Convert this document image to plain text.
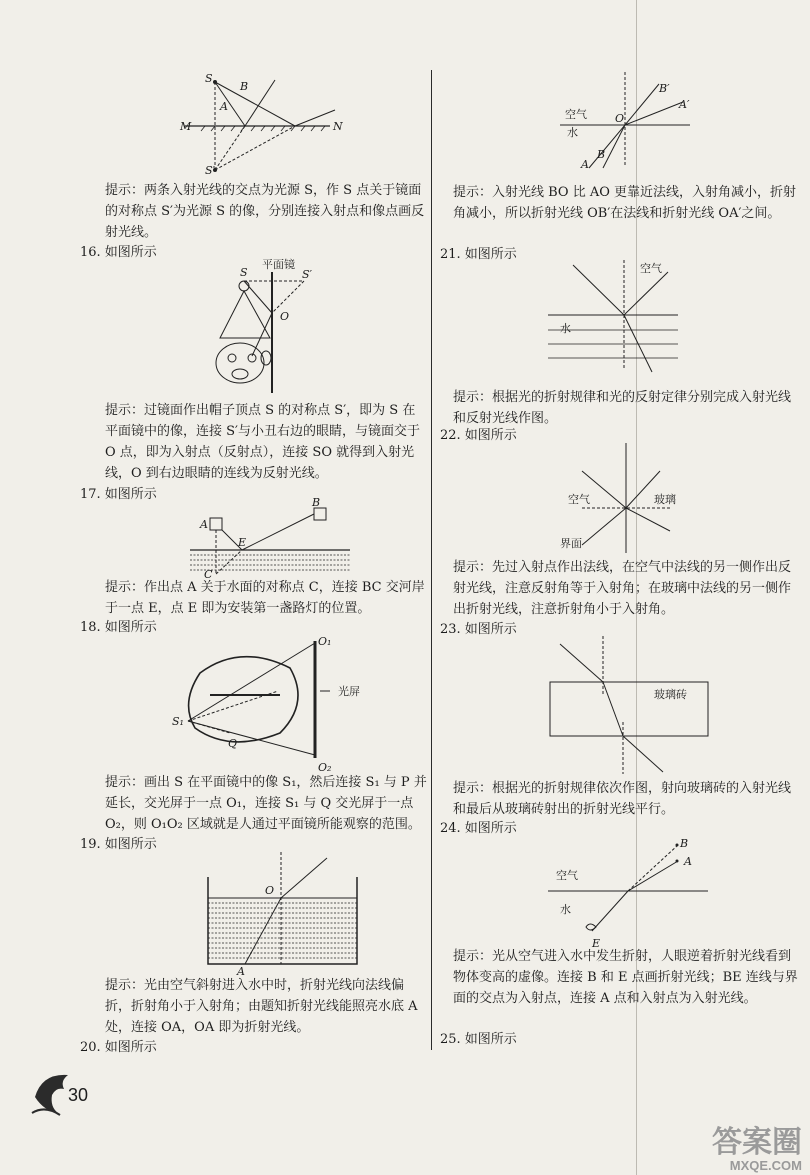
S
S′
B
A
M	N

提示：两条入射光线的交点为光源 S，作 S 点关于镜面的对称点 S′为光源 S 的像，分别连接入射点和像点画反射光线。

16. 如图所示
平面镜
S	S′
O

提示：过镜面作出帽子顶点 S 的对称点 S′，即为 S 在平面镜中的像，连接 S′与小丑右边的眼睛，与镜面交于 O 点，即为入射点（反射点），连接 SO 就得到入射光线，O 到右边眼睛的连线为反射光线。

17. 如图所示
A
B
E
C

提示：作出点 A 关于水面的对称点 C，连接 BC 交河岸于一点 E，点 E 即为安装第一盏路灯的位置。

18. 如图所示
光屏
O₁
O₂
S₁
Q

提示：画出 S 在平面镜中的像 S₁，然后连接 S₁ 与 P 并延长，交光屏于一点 O₁，连接 S₁ 与 Q 交光屏于一点 O₂，则 O₁O₂ 区域就是人通过平面镜所能观察的范围。

19. 如图所示
O
A

提示：光由空气斜射进入水中时，折射光线向法线偏折，折射角小于入射角；由题知折射光线能照亮水底 A 处，连接 OA，OA 即为折射光线。

20. 如图所示
30
空气
水
O
B′
A′
A
B

提示：入射光线 BO 比 AO 更靠近法线，入射角减小，折射角减小，所以折射光线 OB′在法线和折射光线 OA′之间。

21. 如图所示
空气
水

提示：根据光的折射规律和光的反射定律分别完成入射光线和反射光线作图。

22. 如图所示
空气	玻璃
界面

提示：先过入射点作出法线，在空气中法线的另一侧作出反射光线，注意反射角等于入射角；在玻璃中法线的另一侧作出折射光线，注意折射角小于入射角。

23. 如图所示
玻璃砖

提示：根据光的折射规律依次作图，射向玻璃砖的入射光线和最后从玻璃砖射出的折射光线平行。

24. 如图所示
空气
水
B
A
E

提示：光从空气进入水中发生折射，人眼逆着折射光线看到物体变高的虚像。连接 B 和 E 点画折射光线；BE 连线与界面的交点为入射点，连接 A 点和入射点为入射光线。

25. 如图所示
答案圈
MXQE.COM
